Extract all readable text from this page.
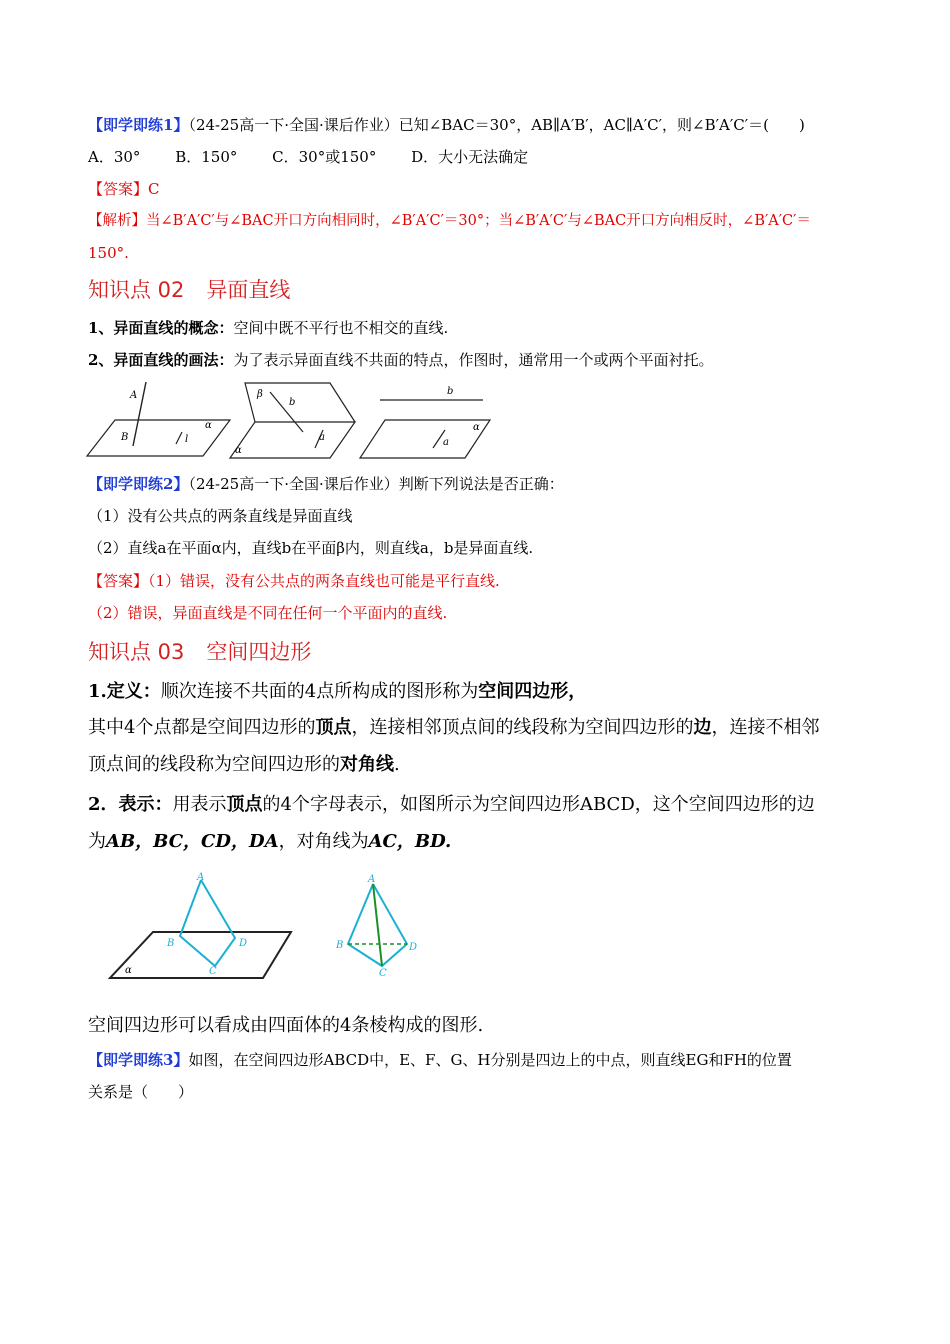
【即学即练1】（24-25高一下·全国·课后作业）已知∠BAC＝30°，AB∥A′B′，AC∥A′C′，则∠B′A′C′＝(　　)
A．30° B．150° C．30°或150° D．大小无法确定
【答案】C
【解析】当∠B′A′C′与∠BAC开口方向相同时，∠B′A′C′＝30°；当∠B′A′C′与∠BAC开口方向相反时，∠B′A′C′＝
150°.
知识点 02 异面直线
1、异面直线的概念：空间中既不平行也不相交的直线.
2、异面直线的画法：为了表示异面直线不共面的特点，作图时，通常用一个或两个平面衬托。
A
B	l
α
β
b
a
α
b
a
α
【即学即练2】（24-25高一下·全国·课后作业）判断下列说法是否正确：
（1）没有公共点的两条直线是异面直线
（2）直线a在平面α内，直线b在平面β内，则直线a，b是异面直线.
【答案】（1）错误，没有公共点的两条直线也可能是平行直线.
（2）错误，异面直线是不同在任何一个平面内的直线.
知识点 03 空间四边形
1.定义：顺次连接不共面的4点所构成的图形称为空间四边形，
其中4个点都是空间四边形的顶点，连接相邻顶点间的线段称为空间四边形的边，连接不相邻
顶点间的线段称为空间四边形的对角线.
2．表示：用表示顶点的4个字母表示，如图所示为空间四边形ABCD，这个空间四边形的边
为AB，BC，CD，DA，对角线为AC，BD.
A
B	D
C
α
A
B	D
C
空间四边形可以看成由四面体的4条棱构成的图形.
【即学即练3】如图，在空间四边形ABCD中，E、F、G、H分别是四边上的中点，则直线EG和FH的位置
关系是（　　）
